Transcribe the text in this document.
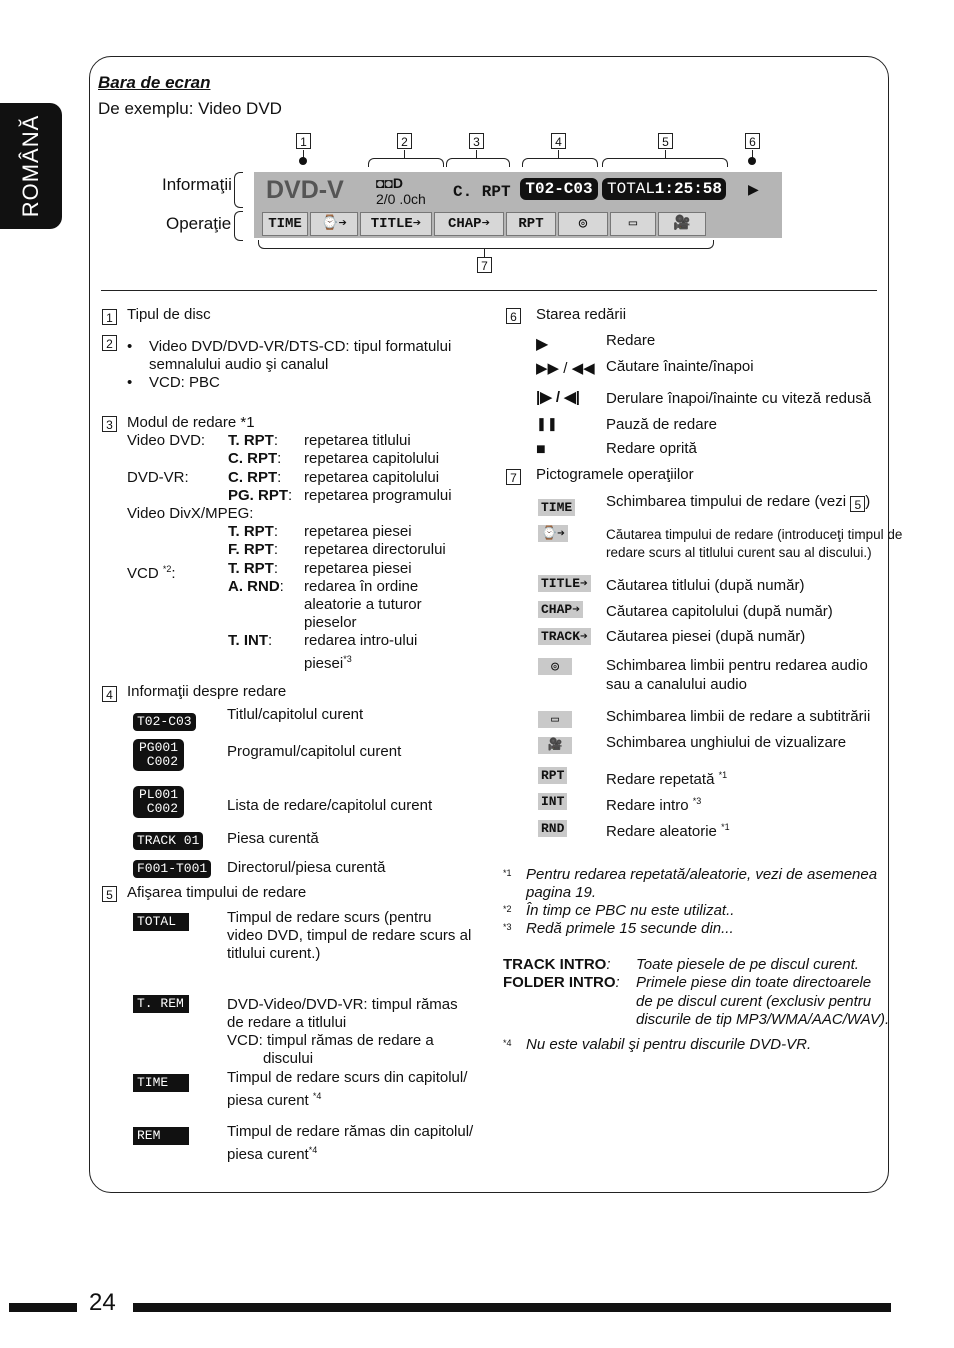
ROMÂNĂ
Bara de ecran
De exemplu: Video DVD
1	2	3	4	5	6
7
Informaţii
Operaţie
DVD-V ◘◘D
2/0 .0ch C. RPT T02-C03 TOTAL 1:25:58 ▶
TIME	⌚➔	TITLE➔	CHAP➔	RPT	◎	▭	🎥
1 Tipul de disc
2 • Video DVD/DVD-VR/DTS-CD: tipul formatului
semnalului audio şi canalul
• VCD: PBC
3 Modul de redare *1
Video DVD: T. RPT: repetarea titlului
C. RPT: repetarea capitolului
DVD-VR:	C. RPT: repetarea capitolului
PG. RPT: repetarea programului
Video DivX/MPEG:
T. RPT: repetarea piesei
F. RPT: repetarea directorului
VCD $^{*2}$:	T. RPT: repetarea piesei
A. RND: redarea în ordine
aleatorie a tuturor
pieselor
T. INT: redarea intro-ului
piesei$^{*3}$
4 Informaţii despre redare
T02-C03 Titlul/capitolul curent
PG001
C002
Programul/capitolul curent
PL001
C002	Lista de redare/capitolul curent
TRACK 01 Piesa curentă
F001-T001 Directorul/piesa curentă
5 Afişarea timpului de redare
TOTAL	Timpul de redare scurs (pentru
video DVD, timpul de redare scurs al
titlului curent.)
T. REM	DVD-Video/DVD-VR: timpul rămas
de redare a titlului
VCD: timpul rămas de redare a
discului
TIME	Timpul de redare scurs din capitolul/
piesa curent $^{*4}$
REM	Timpul de redare rămas din capitolul/
piesa curent$^{*4}$
6 Starea redării
▶	Redare
▶▶ / ◀◀ Căutare înainte/înapoi
|▶ / ◀| Derulare înapoi/înainte cu viteză redusă
❚❚	Pauză de redare
■	Redare oprită
7 Pictogramele operaţiilor
TIME Schimbarea timpului de redare (vezi 5 )
⌚➔	Căutarea timpului de redare (introduceţi timpul de
redare scurs al titlului curent sau al discului.)
TITLE➔ Căutarea titlului (după număr)
CHAP➔ Căutarea capitolului (după număr)
TRACK➔ Căutarea piesei (după număr)
◎	Schimbarea limbii pentru redarea audio
sau a canalului audio
▭	Schimbarea limbii de redare a subtitrării
🎥	Schimbarea unghiului de vizualizare
RPT	Redare repetată $^{*1}$
INT	Redare intro $^{*3}$
RND	Redare aleatorie $^{*1}$
*1 Pentru redarea repetată/aleatorie, vezi de asemenea
pagina 19.
*2 În timp ce PBC nu este utilizat..
*3 Redă primele 15 secunde din...
TRACK INTRO: Toate piesele de pe discul curent.
FOLDER INTRO: Primele piese din toate directoarele
de pe discul curent (exclusiv pentru
discurile de tip MP3/WMA/AAC/WAV).
*4 Nu este valabil şi pentru discurile DVD-VR.
24
